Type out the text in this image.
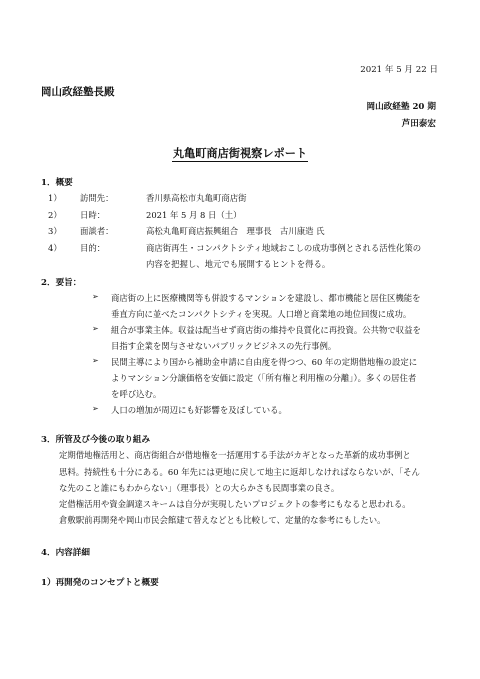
2021 年 5 月 22 日
岡山政経塾長殿
岡山政経塾 20 期
芦田泰宏
丸亀町商店街視察レポート
1．概要
1） 訪問先：	香川県高松市丸亀町商店街
2） 日時：	2021 年 5 月 8 日（土）
3） 面談者：	高松丸亀町商店振興組合　理事長　古川康造 氏
4） 目的：	商店街再生・コンパクトシティ地域おこしの成功事例とされる活性化策の
内容を把握し、地元でも展開するヒントを得る。
2．要旨：
➢ 商店街の上に医療機関等も併設するマンションを建設し、都市機能と居住区機能を
垂直方向に並べたコンパクトシティを実現。人口増と商業地の地位回復に成功。
➢ 組合が事業主体。収益は配当せず商店街の維持や良質化に再投資。公共物で収益を
目指す企業を関与させないパブリックビジネスの先行事例。
➢ 民間主導により国から補助金申請に自由度を得つつ、60 年の定期借地権の設定に
よりマンション分譲価格を安価に設定（「所有権と利用権の分離」）。多くの居住者
を呼び込む。
➢ 人口の増加が周辺にも好影響を及ぼしている。
3．所管及び今後の取り組み
定期借地権活用と、商店街組合が借地権を一括運用する手法がカギとなった革新的成功事例と
思料。持続性も十分にある。60 年先には更地に戻して地主に返却しなければならないが、「そん
な先のこと誰にもわからない」（理事長）との大らかさも民間事業の良さ。
定借権活用や資金調達スキームは自分が実現したいプロジェクトの参考にもなると思われる。
倉敷駅前再開発や岡山市民会館建て替えなどとも比較して、定量的な参考にもしたい。
4．内容詳細
1）再開発のコンセプトと概要
